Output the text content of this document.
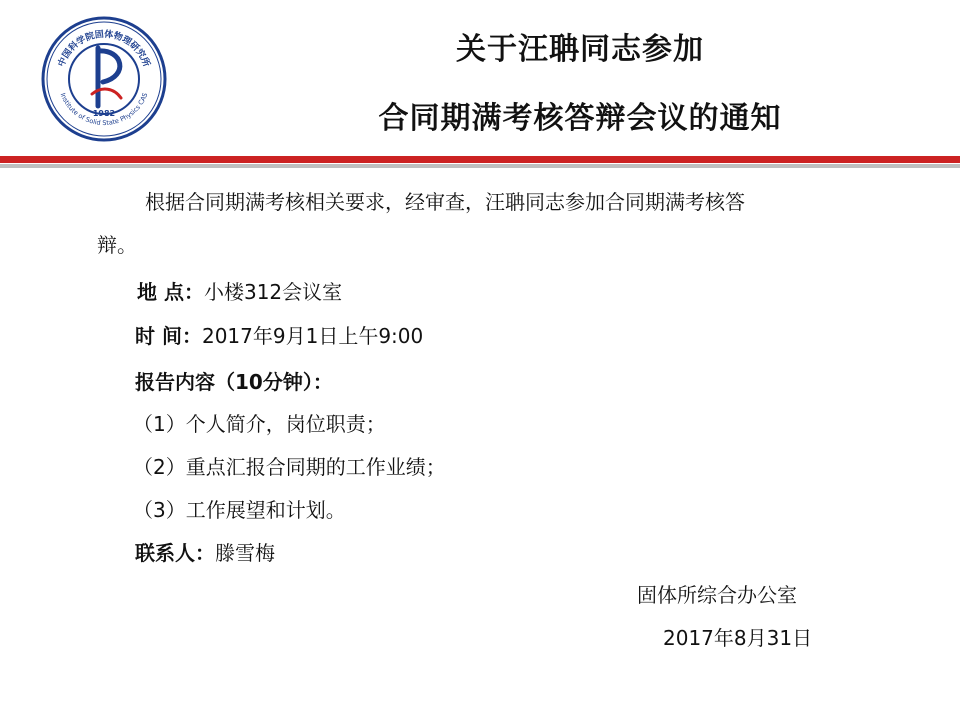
中国科学院固体物理研究所
Institute of Solid State Physics CAS
1982
关于汪聃同志参加
合同期满考核答辩会议的通知
根据合同期满考核相关要求，经审查，汪聃同志参加合同期满考核答
辩。
地 点：小楼312会议室
时 间：2017年9月1日上午9:00
报告内容（10分钟）：
（1）个人简介，岗位职责；
（2）重点汇报合同期的工作业绩；
（3）工作展望和计划。
联系人：滕雪梅
固体所综合办公室
2017年8月31日
